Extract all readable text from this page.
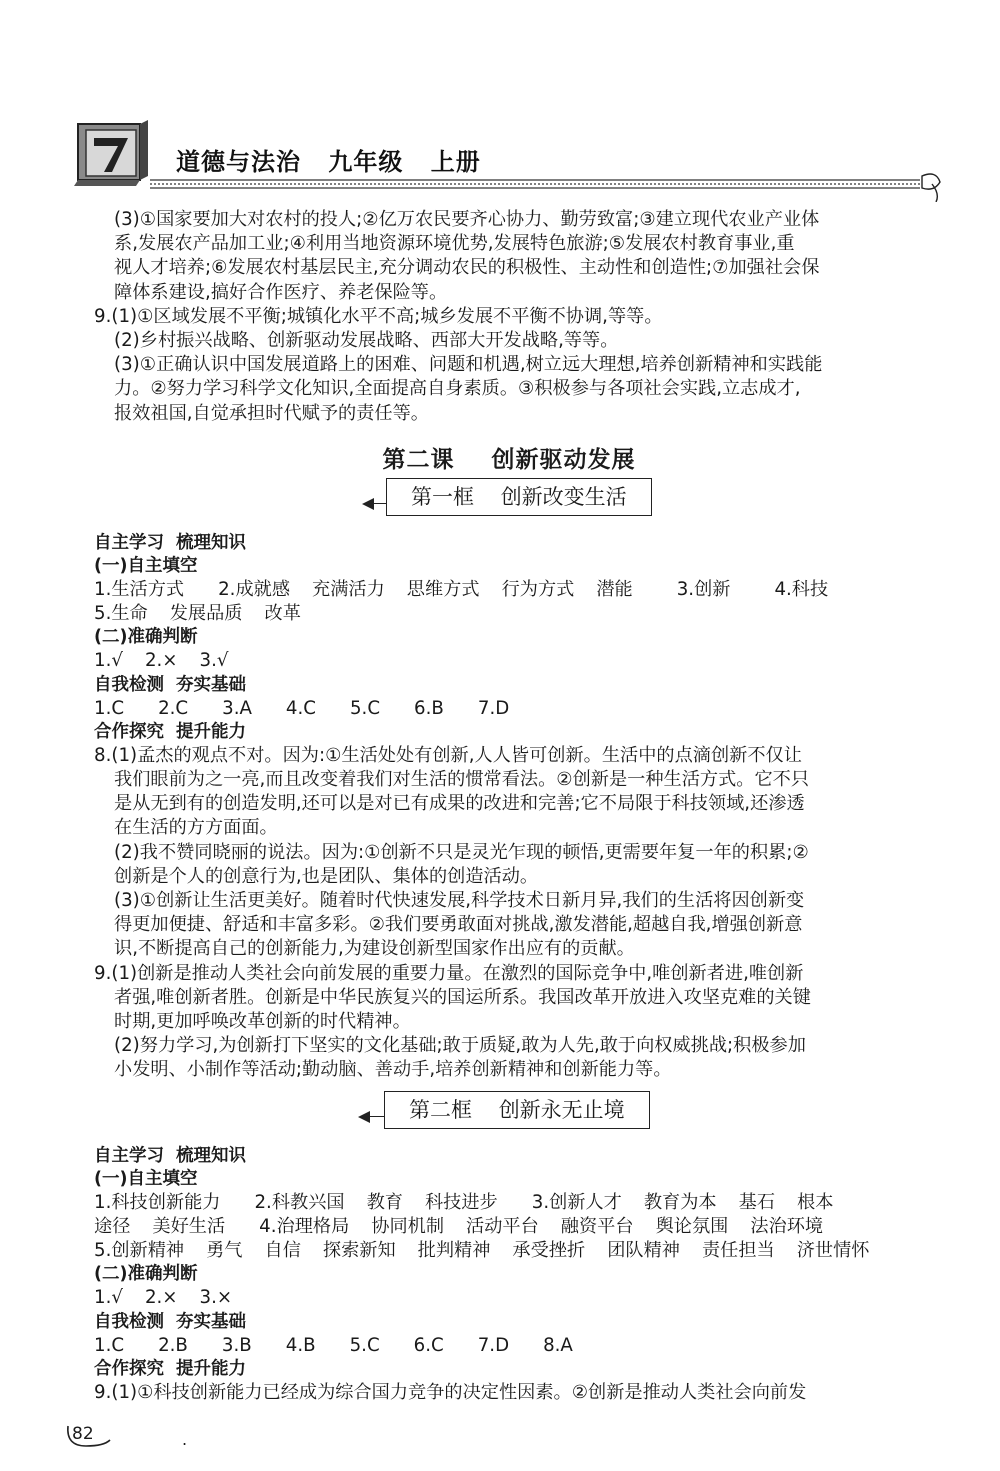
道德与法治 九年级 上册

(3)①国家要加大对农村的投人;②亿万农民要齐心协力、勤劳致富;③建立现代农业产业体

系,发展农产品加工业;④利用当地资源环境优势,发展特色旅游;⑤发展农村教育事业,重

视人才培养;⑥发展农村基层民主,充分调动农民的积极性、主动性和创造性;⑦加强社会保

障体系建设,搞好合作医疗、养老保险等。

9.(1)①区域发展不平衡;城镇化水平不高;城乡发展不平衡不协调,等等。

(2)乡村振兴战略、创新驱动发展战略、西部大开发战略,等等。

(3)①正确认识中国发展道路上的困难、问题和机遇,树立远大理想,培养创新精神和实践能

力。②努力学习科学文化知识,全面提高自身素质。③积极参与各项社会实践,立志成才,

报效祖国,自觉承担时代赋予的责任等。

第二课 创新驱动发展
第一框 创新改变生活

自主学习 梳理知识

(一)自主填空

1.生活方式 2.成就感 充满活力 思维方式 行为方式 潜能 3.创新 4.科技
5.生命 发展品质 改革

(二)准确判断

1.√ 2.× 3.√

自我检测 夯实基础

1.C 2.C 3.A 4.C 5.C 6.B 7.D

合作探究 提升能力

8.(1)孟杰的观点不对。因为:①生活处处有创新,人人皆可创新。生活中的点滴创新不仅让

我们眼前为之一亮,而且改变着我们对生活的惯常看法。②创新是一种生活方式。它不只

是从无到有的创造发明,还可以是对已有成果的改进和完善;它不局限于科技领域,还渗透

在生活的方方面面。

(2)我不赞同晓丽的说法。因为:①创新不只是灵光乍现的顿悟,更需要年复一年的积累;②

创新是个人的创意行为,也是团队、集体的创造活动。

(3)①创新让生活更美好。随着时代快速发展,科学技术日新月异,我们的生活将因创新变

得更加便捷、舒适和丰富多彩。②我们要勇敢面对挑战,激发潜能,超越自我,增强创新意

识,不断提高自己的创新能力,为建设创新型国家作出应有的贡献。

9.(1)创新是推动人类社会向前发展的重要力量。在激烈的国际竞争中,唯创新者进,唯创新

者强,唯创新者胜。创新是中华民族复兴的国运所系。我国改革开放进入攻坚克难的关键

时期,更加呼唤改革创新的时代精神。

(2)努力学习,为创新打下坚实的文化基础;敢于质疑,敢为人先,敢于向权威挑战;积极参加

小发明、小制作等活动;勤动脑、善动手,培养创新精神和创新能力等。

第二框 创新永无止境

自主学习 梳理知识

(一)自主填空

1.科技创新能力 2.科教兴国 教育 科技进步 3.创新人才 教育为本 基石 根本
途径 美好生活 4.治理格局 协同机制 活动平台 融资平台 舆论氛围 法治环境
5.创新精神 勇气 自信 探索新知 批判精神 承受挫折 团队精神 责任担当 济世情怀

(二)准确判断

1.√ 2.× 3.×

自我检测 夯实基础

1.C 2.B 3.B 4.B 5.C 6.C 7.D 8.A

合作探究 提升能力

9.(1)①科技创新能力已经成为综合国力竞争的决定性因素。②创新是推动人类社会向前发

82	.
